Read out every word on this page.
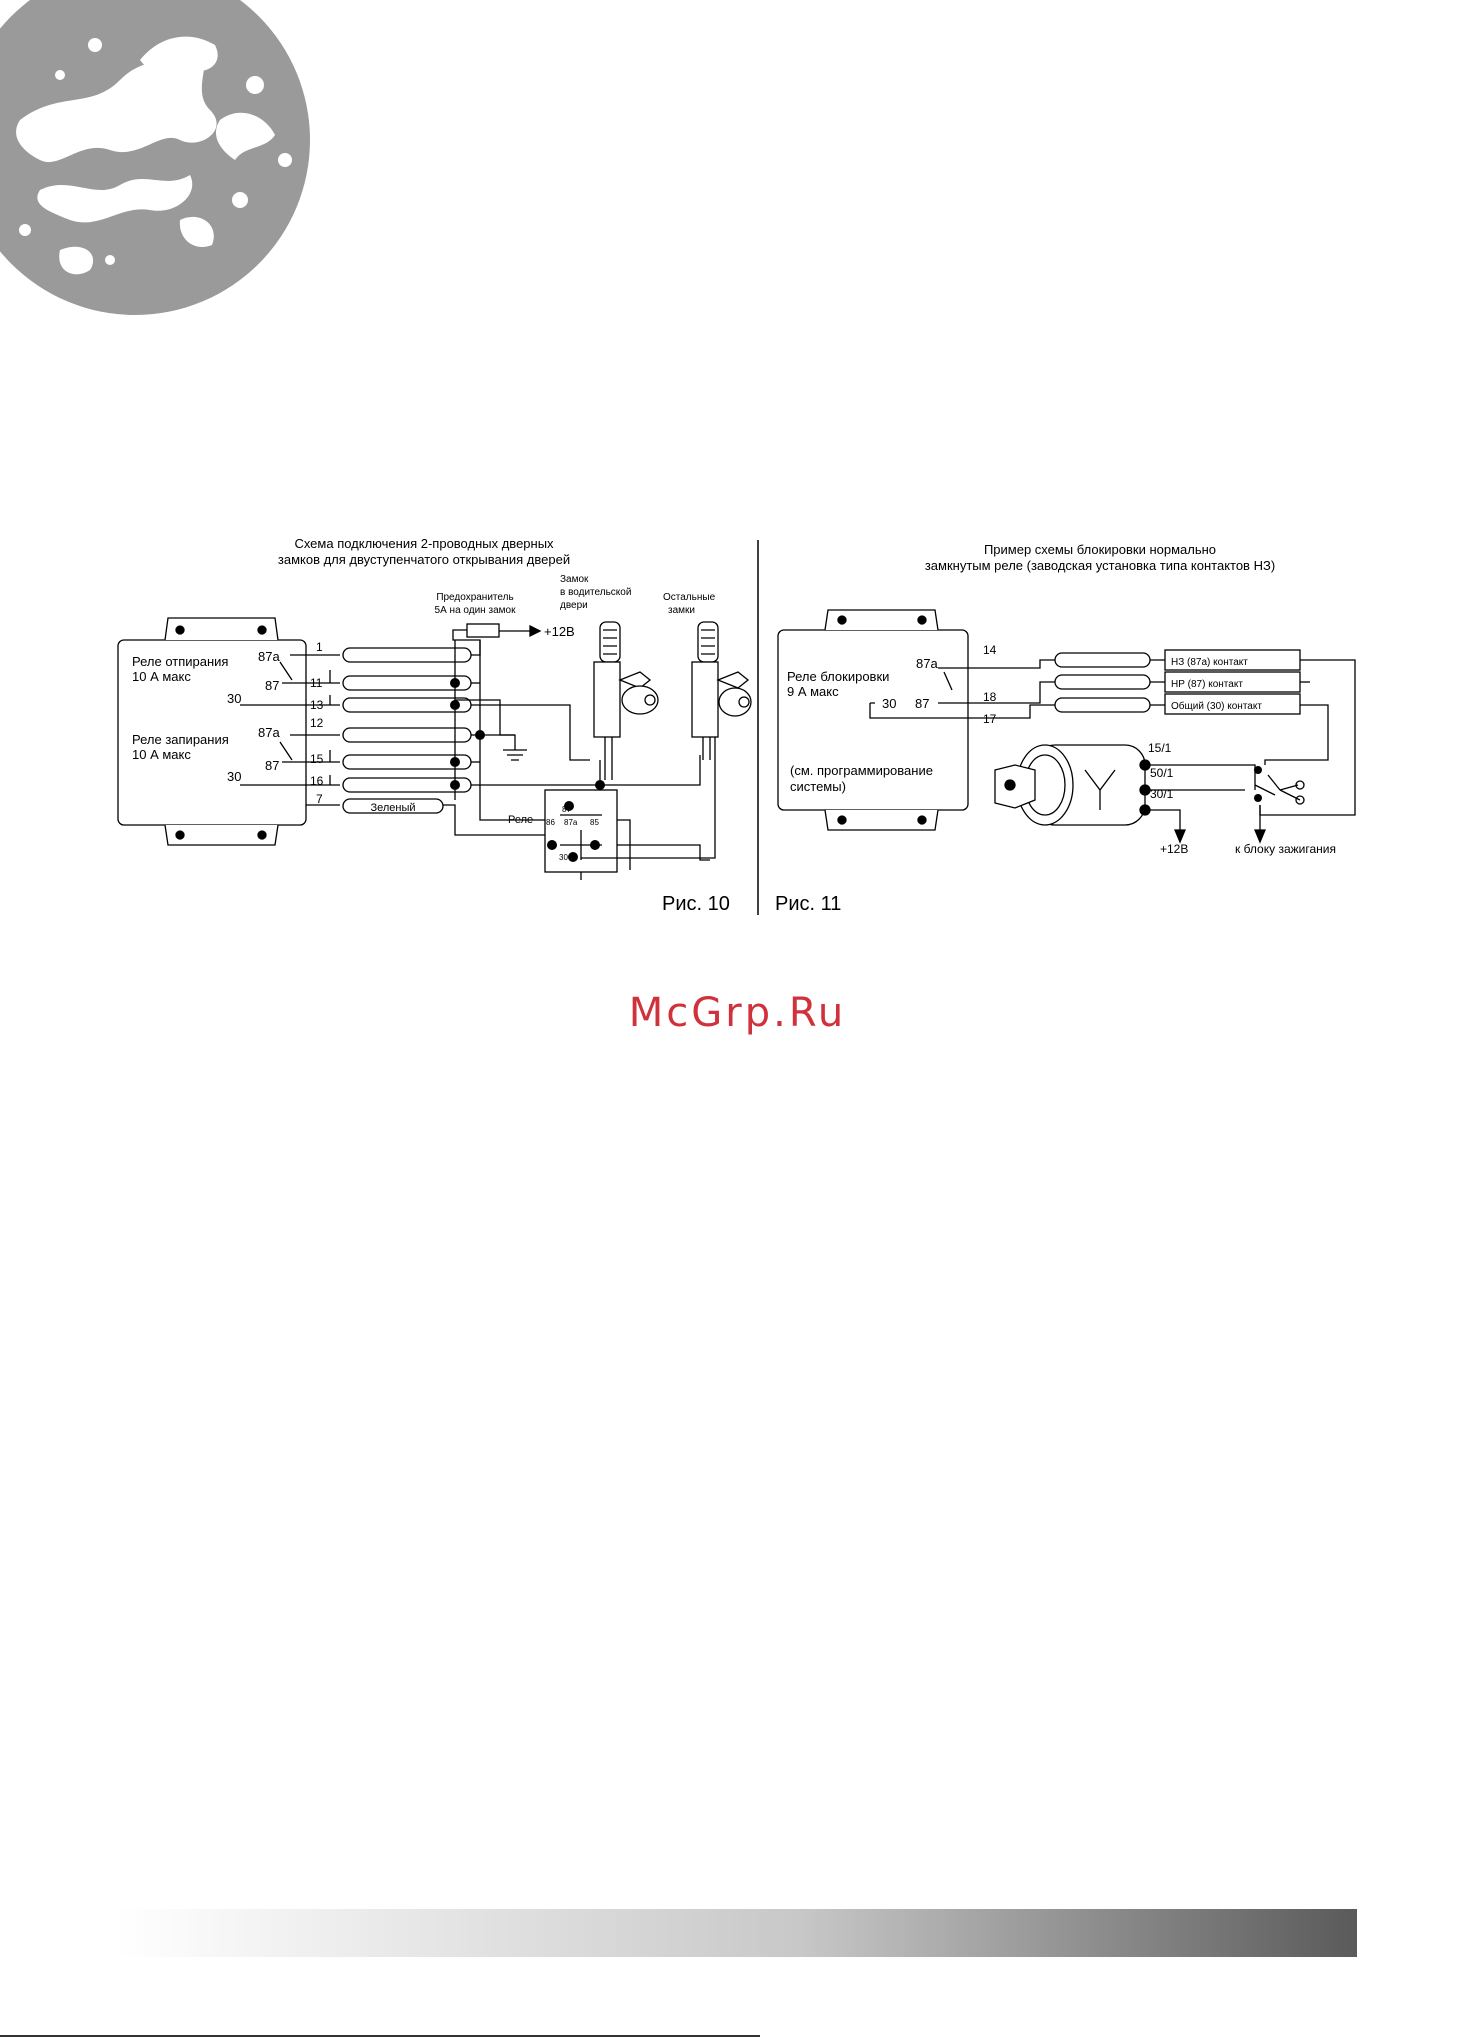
Схема подключения 2-проводных дверных
замков для двуступенчатого открывания дверей
Предохранитель
5А на один замок
+12В
Замок
в водительской
двери
Остальные
замки
Реле отпирания
10 А макс
87a
87
30
Реле запирания
10 А макс
87a
87
30
1
11
13
12
15
16
7
Зеленый
Реле
87
86 87a 85
30
Рис. 10
Пример схемы блокировки нормально
замкнутым реле (заводская установка типа контактов НЗ)
Реле блокировки
9 А макс
87a
30 87
(см. программирование
системы)
14
18
17
НЗ (87а) контакт
НР (87) контакт
Общий (30) контакт
15/1
50/1
30/1
+12В	к блоку зажигания
Рис. 11
McGrp.Ru
